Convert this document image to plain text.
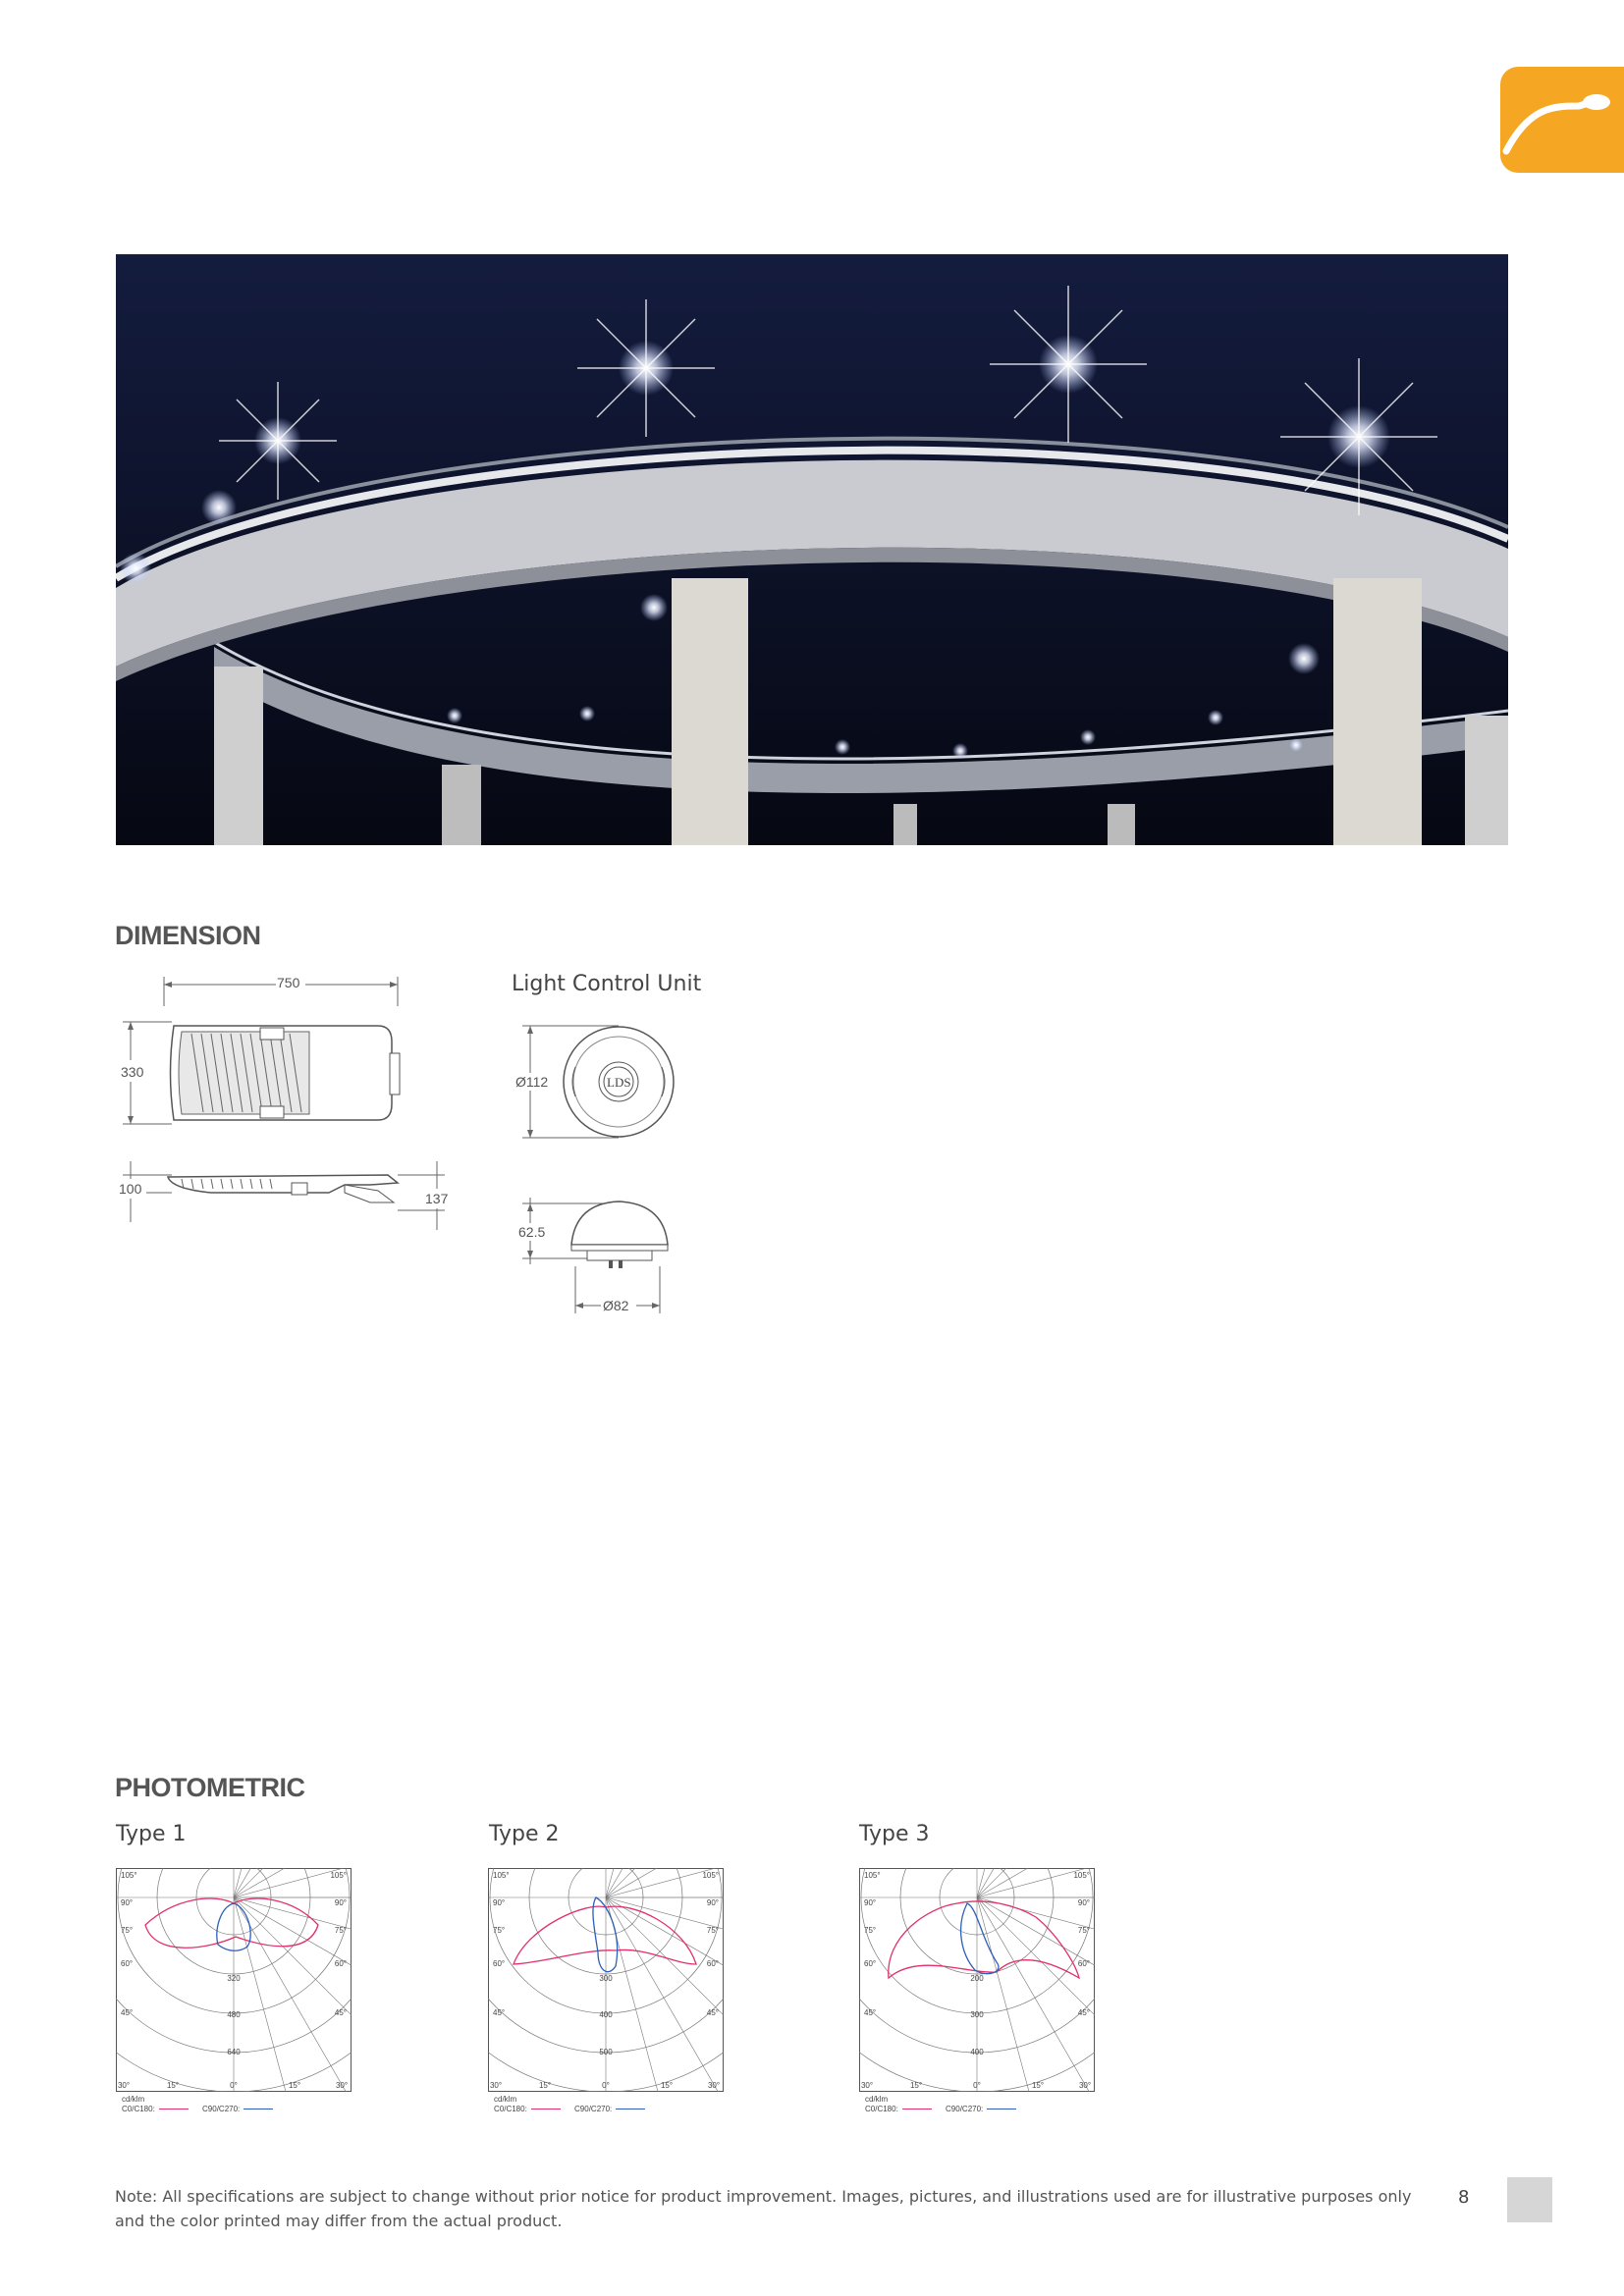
DIMENSION
750
330
100
137
Light Control Unit
Ø112	LDS
62.5
Ø82
PHOTOMETRIC
Type 1	Type 2	Type 3
320
480
640
105°
90°
75°
60°
45°
105°
90°
75°
60°
45°
30°	15°	0°	15°	30°
300
400
500
105°
90°
75°
60°
45°
105°
90°
75°
60°
45°
30°	15°	0°	15°	30°
200
300
400
105°
90°
75°
60°
45°
105°
90°
75°
60°
45°
30°	15°	0°	15°	30°
cd/klm
C0/C180:	C90/C270:
cd/klm
C0/C180:	C90/C270:
cd/klm
C0/C180:	C90/C270:
Note: All specifications are subject to change without prior notice for product improvement. Images, pictures, and illustrations used are for illustrative purposes only and the color printed may differ from the actual product.
8
